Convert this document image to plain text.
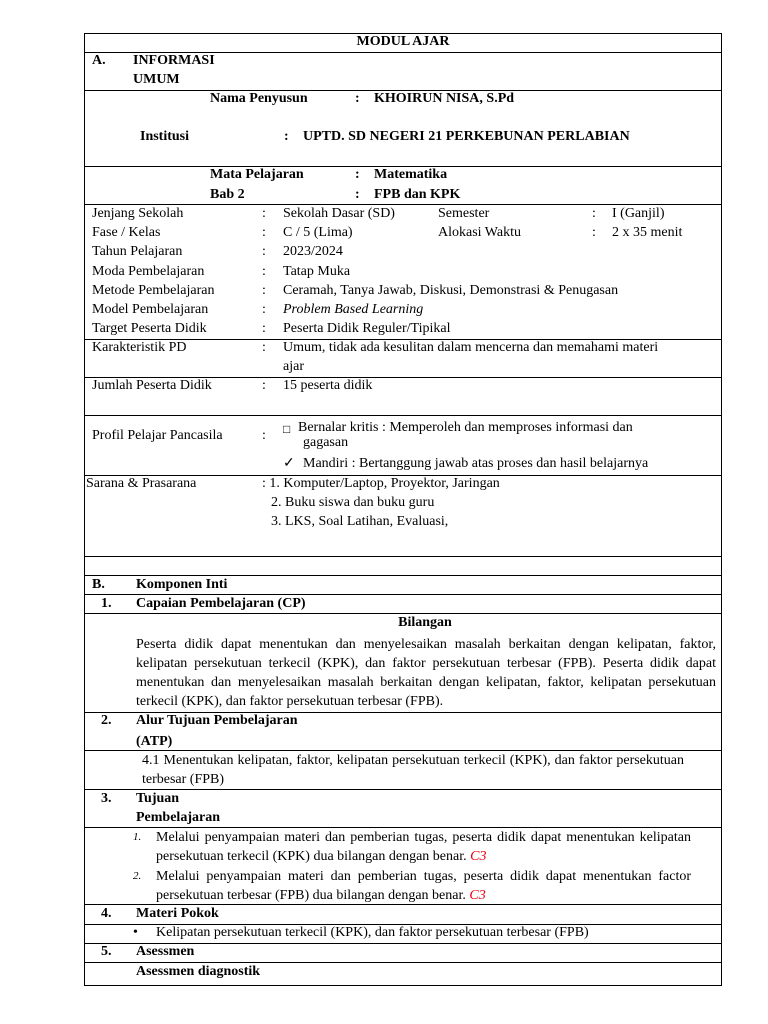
MODUL AJAR
A. INFORMASI
UMUM
Nama Penyusun	: KHOIRUN NISA, S.Pd
Institusi	: UPTD. SD NEGERI 21 PERKEBUNAN PERLABIAN
Mata Pelajaran	: Matematika
Bab 2	: FPB dan KPK
Jenjang Sekolah	: Sekolah Dasar (SD)	Semester	: I (Ganjil)
Fase / Kelas	: C / 5 (Lima)	Alokasi Waktu	: 2 x 35 menit
Tahun Pelajaran	: 2023/2024
Moda Pembelajaran	: Tatap Muka
Metode Pembelajaran	: Ceramah, Tanya Jawab, Diskusi, Demonstrasi & Penugasan
Model Pembelajaran	: Problem Based Learning
Target Peserta Didik	: Peserta Didik Reguler/Tipikal
Karakteristik PD	: Umum, tidak ada kesulitan dalam mencerna dan memahami materi
ajar
Jumlah Peserta Didik	: 15 peserta didik
Profil Pelajar Pancasila	: □ Bernalar kritis : Memperoleh dan memproses informasi dan
gagasan
✓ Mandiri : Bertanggung jawab atas proses dan hasil belajarnya
Sarana & Prasarana	: 1. Komputer/Laptop, Proyektor, Jaringan
2. Buku siswa dan buku guru
3. LKS, Soal Latihan, Evaluasi,
B. Komponen Inti
1. Capaian Pembelajaran (CP)
Bilangan
Peserta didik dapat menentukan dan menyelesaikan masalah berkaitan dengan kelipatan, faktor, kelipatan persekutuan terkecil (KPK), dan faktor persekutuan terbesar (FPB). Peserta didik dapat menentukan dan menyelesaikan masalah berkaitan dengan kelipatan, faktor, kelipatan persekutuan terkecil (KPK), dan faktor persekutuan terbesar (FPB).
2. Alur Tujuan Pembelajaran
(ATP)
4.1 Menentukan kelipatan, faktor, kelipatan persekutuan terkecil (KPK), dan faktor persekutuan terbesar (FPB)
3. Tujuan
Pembelajaran
1. Melalui penyampaian materi dan pemberian tugas, peserta didik dapat menentukan kelipatan persekutuan terkecil (KPK) dua bilangan dengan benar. C3
2. Melalui penyampaian materi dan pemberian tugas, peserta didik dapat menentukan factor persekutuan terbesar (FPB) dua bilangan dengan benar. C3
4. Materi Pokok
• Kelipatan persekutuan terkecil (KPK), dan faktor persekutuan terbesar (FPB)
5. Asessmen
Asessmen diagnostik
